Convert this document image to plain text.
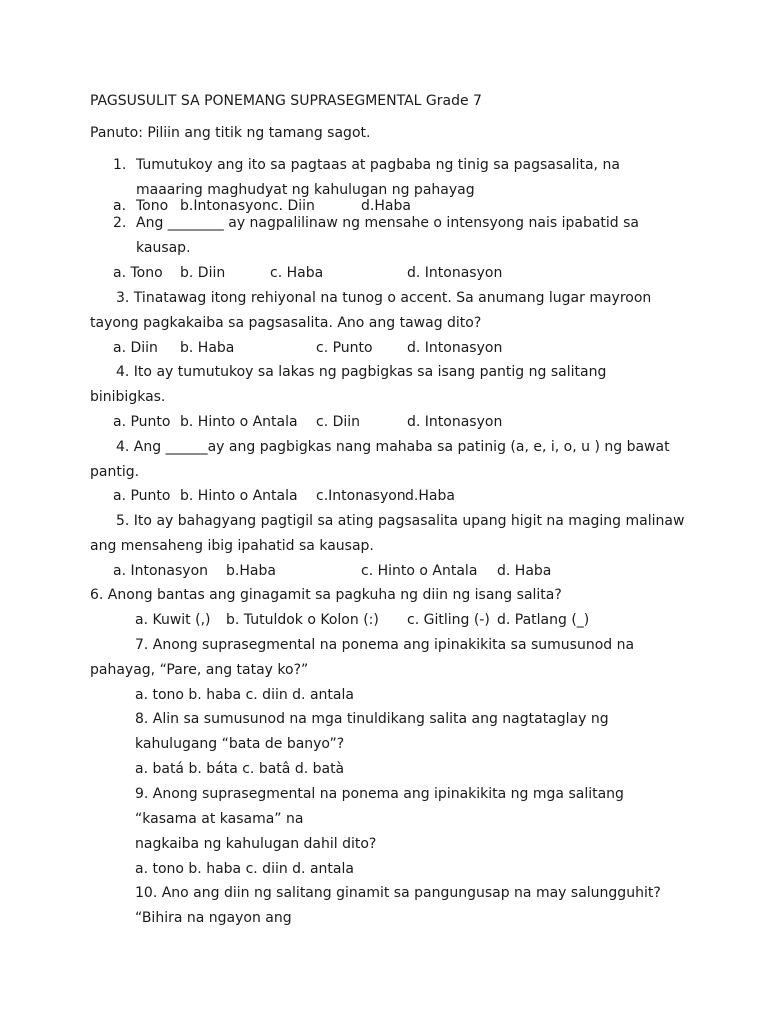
PAGSUSULIT SA PONEMANG SUPRASEGMENTAL Grade 7
Panuto: Piliin ang titik ng tamang sagot.
1. Tumutukoy ang ito sa pagtaas at pagbaba ng tinig sa pagsasalita, na
maaaring maghudyat ng kahulugan ng pahayag
a. Tono b.Intonasyonc. Diin	d.Haba
2. Ang ________ ay nagpalilinaw ng mensahe o intensyong nais ipabatid sa
kausap.
a. Tono b. Diin	c. Haba	d. Intonasyon
3. Tinatawag itong rehiyonal na tunog o accent. Sa anumang lugar mayroon
tayong pagkakaiba sa pagsasalita. Ano ang tawag dito?
a. Diin b. Haba	c. Punto d. Intonasyon
4. Ito ay tumutukoy sa lakas ng pagbigkas sa isang pantig ng salitang
binibigkas.
a. Punto b. Hinto o Antala c. Diin	d. Intonasyon
4. Ang ______ay ang pagbigkas nang mahaba sa patinig (a, e, i, o, u ) ng bawat
pantig.
a. Punto b. Hinto o Antala c.Intonasyon d.Haba
5. Ito ay bahagyang pagtigil sa ating pagsasalita upang higit na maging malinaw
ang mensaheng ibig ipahatid sa kausap.
a. Intonasyon b.Haba	c. Hinto o Antala d. Haba
6. Anong bantas ang ginagamit sa pagkuha ng diin ng isang salita?
a. Kuwit (,) b. Tutuldok o Kolon (:) c. Gitling (-) d. Patlang (_)
7. Anong suprasegmental na ponema ang ipinakikita sa sumusunod na
pahayag, “Pare, ang tatay ko?”
a. tono b. haba c. diin d. antala
8. Alin sa sumusunod na mga tinuldikang salita ang nagtataglay ng
kahulugang “bata de banyo”?
a. batá b. báta c. batâ d. batà
9. Anong suprasegmental na ponema ang ipinakikita ng mga salitang
“kasama at kasama” na
nagkaiba ng kahulugan dahil dito?
a. tono b. haba c. diin d. antala
10. Ano ang diin ng salitang ginamit sa pangungusap na may salungguhit?
“Bihira na ngayon ang
